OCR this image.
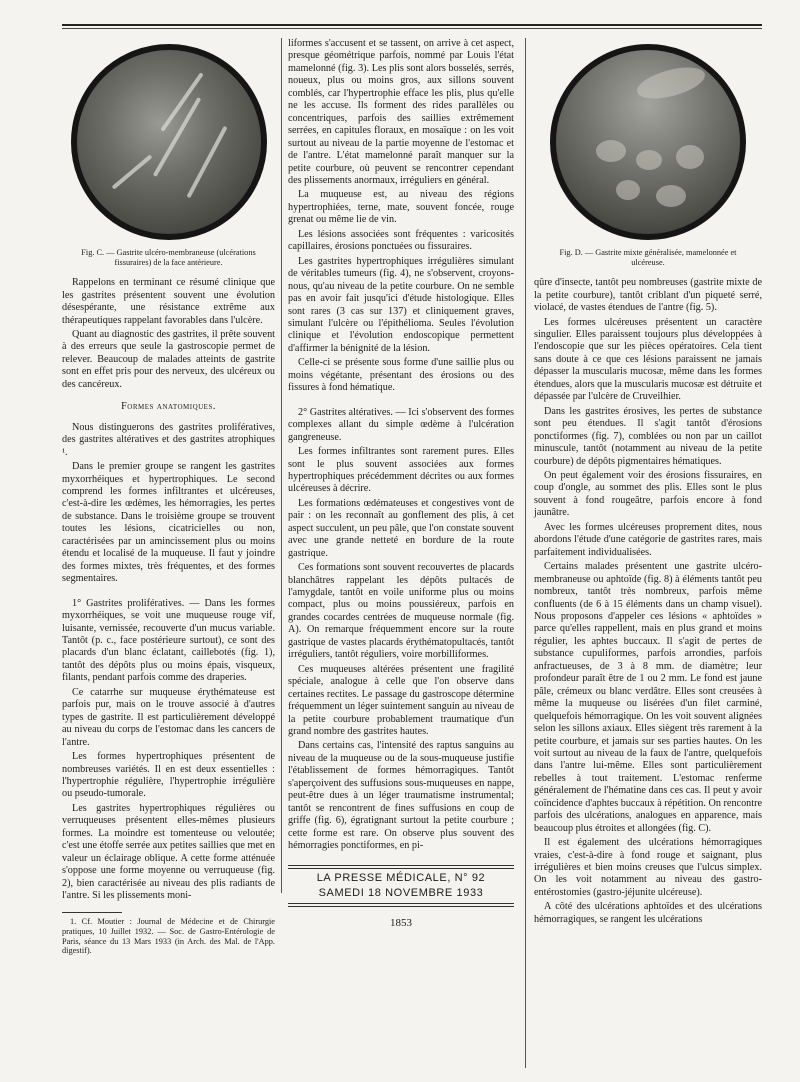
Fig. C. — Gastrite ulcéro-membraneuse (ulcérations fissuraires) de la face antérieure.

Rappelons en terminant ce résumé clinique que les gastrites présentent souvent une évolution désespérante, une résistance extrême aux thérapeutiques rappelant favorables dans l'ulcère.

Quant au diagnostic des gastrites, il prête souvent à des erreurs que seule la gastroscopie permet de relever. Beaucoup de malades atteints de gastrite sont en effet pris pour des nerveux, des ulcéreux ou des cancéreux.

Formes anatomiques.

Nous distinguerons des gastrites prolifératives, des gastrites altératives et des gastrites atrophiques ¹.

Dans le premier groupe se rangent les gastrites myxorrhéiques et hypertrophiques. Le second comprend les formes infiltrantes et ulcéreuses, c'est-à-dire les œdèmes, les hémorragies, les pertes de substance. Dans le troisième groupe se trouvent toutes les lésions, cicatricielles ou non, caractérisées par un amincissement plus ou moins étendu et localisé de la muqueuse. Il faut y joindre des formes mixtes, très fréquentes, et des formes segmentaires.

1° Gastrites prolifératives. — Dans les formes myxorrhéiques, se voit une muqueuse rouge vif, luisante, vernissée, recouverte d'un mucus variable. Tantôt (p. c., face postérieure surtout), ce sont des placards d'un blanc éclatant, caillebotés (fig. 1), tantôt des dépôts plus ou moins épais, visqueux, filants, pendant parfois comme des draperies.

Ce catarrhe sur muqueuse érythémateuse est parfois pur, mais on le trouve associé à d'autres types de gastrite. Il est particulièrement développé au niveau du corps de l'estomac dans les cancers de l'antre.

Les formes hypertrophiques présentent de nombreuses variétés. Il en est deux essentielles : l'hypertrophie régulière, l'hypertrophie irrégulière ou pseudo-tumorale.

Les gastrites hypertrophiques régulières ou verruqueuses présentent elles-mêmes plusieurs formes. La moindre est tomenteuse ou veloutée; c'est une étoffe serrée aux petites saillies que met en valeur un éclairage oblique. A cette forme atténuée s'oppose une forme moyenne ou verruqueuse (fig. 2), bien caractérisée au niveau des plis radiants de l'antre. Si les plissements moni-

1. Cf. Moutier : Journal de Médecine et de Chirurgie pratiques, 10 Juillet 1932. — Soc. de Gastro-Entérologie de Paris, séance du 13 Mars 1933 (in Arch. des Mal. de l'App. digestif).

liformes s'accusent et se tassent, on arrive à cet aspect, presque géométrique parfois, nommé par Louis l'état mamelonné (fig. 3). Les plis sont alors bosselés, serrés, noueux, plus ou moins gros, aux sillons souvent comblés, car l'hypertrophie efface les plis, plus qu'elle ne les accuse. Ils forment des rides parallèles ou concentriques, parfois des saillies extrêmement serrées, en capitules floraux, en mosaïque : on les voit surtout au niveau de la partie moyenne de l'estomac et de l'antre. L'état mamelonné paraît manquer sur la petite courbure, où peuvent se rencontrer cependant des plissements anormaux, irréguliers en général.

La muqueuse est, au niveau des régions hypertrophiées, terne, mate, souvent foncée, rouge grenat ou même lie de vin.

Les lésions associées sont fréquentes : varicosités capillaires, érosions ponctuées ou fissuraires.

Les gastrites hypertrophiques irrégulières simulant de véritables tumeurs (fig. 4), ne s'observent, croyons-nous, qu'au niveau de la petite courbure. On ne semble pas en avoir fait jusqu'ici d'étude histologique. Elles sont rares (3 cas sur 137) et cliniquement graves, simulant l'ulcère ou l'épithélioma. Seules l'évolution clinique et l'évolution endoscopique permettent d'affirmer la bénignité de la lésion.

Celle-ci se présente sous forme d'une saillie plus ou moins végétante, présentant des érosions ou des fissures à fond hématique.

2° Gastrites altératives. — Ici s'observent des formes complexes allant du simple œdème à l'ulcération gangreneuse.

Les formes infiltrantes sont rarement pures. Elles sont le plus souvent associées aux formes hypertrophiques précédemment décrites ou aux formes ulcéreuses à décrire.

Les formations œdémateuses et congestives vont de pair : on les reconnaît au gonflement des plis, à cet aspect succulent, un peu pâle, que l'on constate souvent avec une grande netteté en bordure de la route gastrique.

Ces formations sont souvent recouvertes de placards blanchâtres rappelant les dépôts pultacés de l'amygdale, tantôt en voile uniforme plus ou moins compact, plus ou moins poussiéreux, parfois en grandes cocardes centrées de muqueuse normale (fig. A). On remarque fréquemment encore sur la route gastrique de vastes placards érythématopultacés, tantôt irréguliers, tantôt réguliers, voire morbilliformes.

Ces muqueuses altérées présentent une fragilité spéciale, analogue à celle que l'on observe dans certaines rectites. Le passage du gastroscope détermine fréquemment un léger suintement sanguin au niveau de la petite courbure probablement traumatique d'un grand nombre des gastrites hautes.

Dans certains cas, l'intensité des raptus sanguins au niveau de la muqueuse ou de la sous-muqueuse justifie l'établissement de formes hémorragiques. Tantôt s'aperçoivent des suffusions sous-muqueuses en nappe, peut-être dues à un léger traumatisme instrumental; tantôt se rencontrent de fines suffusions en coup de griffe (fig. 6), égratignant surtout la petite courbure ; cette forme est rare. On observe plus souvent des hémorragies ponctiformes, en pi-

LA PRESSE MÉDICALE, N° 92
SAMEDI 18 NOVEMBRE 1933
1853
Fig. D. — Gastrite mixte généralisée, mamelonnée et ulcéreuse.

qûre d'insecte, tantôt peu nombreuses (gastrite mixte de la petite courbure), tantôt criblant d'un piqueté serré, violacé, de vastes étendues de l'antre (fig. 5).

Les formes ulcéreuses présentent un caractère singulier. Elles paraissent toujours plus développées à l'endoscopie que sur les pièces opératoires. Cela tient sans doute à ce que ces lésions paraissent ne jamais dépasser la muscularis mucosæ, même dans les formes étendues, alors que la muscularis mucosæ est détruite et dépassée par l'ulcère de Cruveilhier.

Dans les gastrites érosives, les pertes de substance sont peu étendues. Il s'agit tantôt d'érosions ponctiformes (fig. 7), comblées ou non par un caillot minuscule, tantôt (notamment au niveau de la petite courbure) de dépôts pigmentaires hématiques.

On peut également voir des érosions fissuraires, en coup d'ongle, au sommet des plis. Elles sont le plus souvent à fond rougeâtre, parfois encore à fond jaunâtre.

Avec les formes ulcéreuses proprement dites, nous abordons l'étude d'une catégorie de gastrites rares, mais parfaitement individualisées.

Certains malades présentent une gastrite ulcéro-membraneuse ou aphtoïde (fig. 8) à éléments tantôt peu nombreux, tantôt très nombreux, parfois même confluents (de 6 à 15 éléments dans un champ visuel). Nous proposons d'appeler ces lésions « aphtoïdes » parce qu'elles rappellent, mais en plus grand et moins régulier, les aphtes buccaux. Il s'agit de pertes de substance cupuliformes, parfois arrondies, parfois anfractueuses, de 3 à 8 mm. de diamètre; leur profondeur paraît être de 1 ou 2 mm. Le fond est jaune pâle, crémeux ou blanc verdâtre. Elles sont creusées à même la muqueuse ou lisérées d'un filet carminé, quelquefois hémorragique. On les voit souvent alignées selon les sillons axiaux. Elles siègent très rarement à la petite courbure, et jamais sur ses parties hautes. On les voit surtout au niveau de la faux de l'antre, quelquefois dans l'antre lui-même. Elles sont particulièrement rebelles à tout traitement. L'estomac renferme généralement de l'hématine dans ces cas. Il peut y avoir coïncidence d'aphtes buccaux à répétition. On rencontre parfois des ulcérations, analogues en apparence, mais beaucoup plus étroites et allongées (fig. C).

Il est également des ulcérations hémorragiques vraies, c'est-à-dire à fond rouge et saignant, plus irrégulières et bien moins creuses que l'ulcus simplex. On les voit notamment au niveau des gastro-entérostomies (gastro-jéjunite ulcéreuse).

A côté des ulcérations aphtoïdes et des ulcérations hémorragiques, se rangent les ulcérations
